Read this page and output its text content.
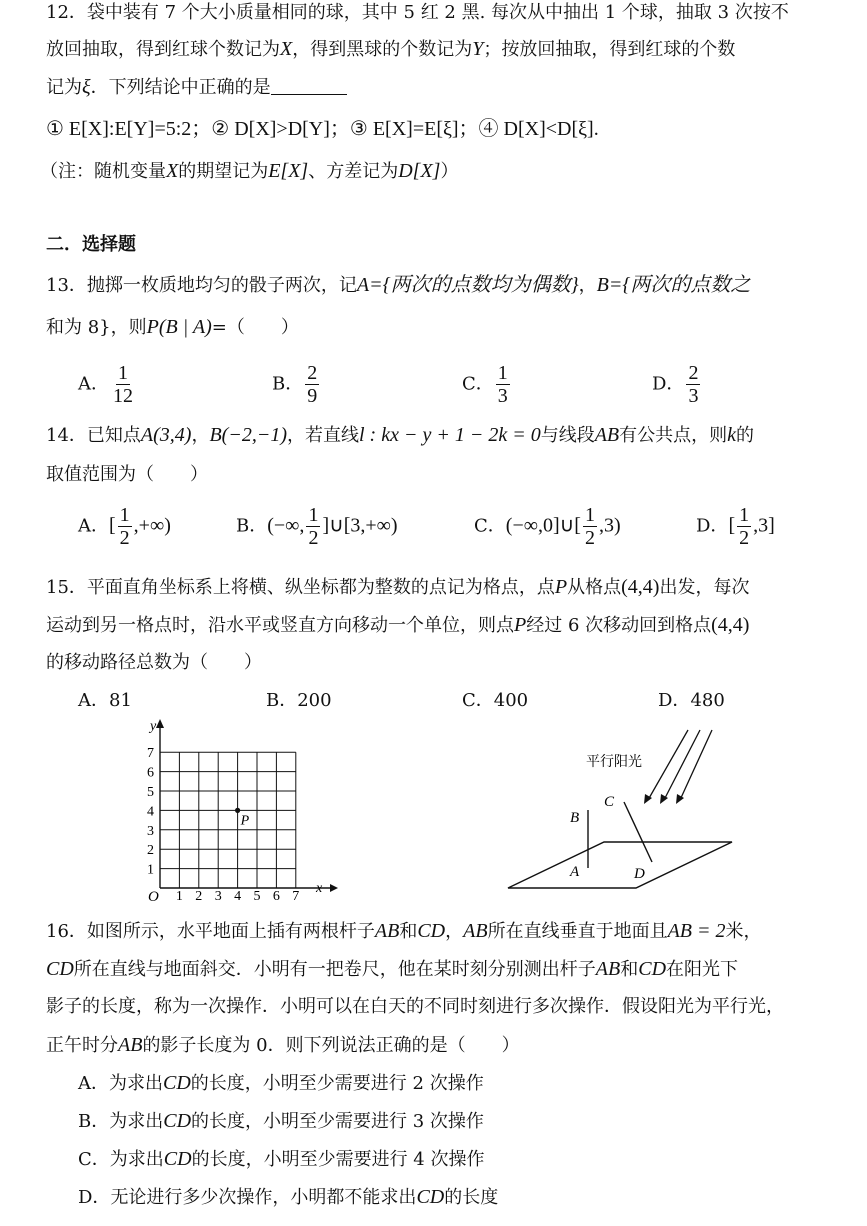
12．袋中装有 7 个大小质量相同的球，其中 5 红 2 黑. 每次从中抽出 1 个球，抽取 3 次按不
放回抽取，得到红球个数记为X，得到黑球的个数记为Y；按放回抽取，得到红球的个数
记为ξ．下列结论中正确的是
① E[X]:E[Y]=5:2；② D[X]>D[Y]；③ E[X]=E[ξ]；④ D[X]<D[ξ].
（注：随机变量X的期望记为E[X]、方差记为D[X]）
二．选择题
13．抛掷一枚质地均匀的骰子两次，记A={两次的点数均为偶数}，B={两次的点数之
和为 8}，则P(B | A)=（　　）
A． $\frac{1}{12}$	B． $\frac{2}{9}$	C． $\frac{1}{3}$	D． $\frac{2}{3}$
14．已知点A(3,4)，B(−2,−1)，若直线l : kx − y + 1 − 2k = 0与线段AB有公共点，则k的
取值范围为（　　）
A．[ $\frac{1}{2}$ ,+∞)	B．(−∞, $\frac{1}{2}$ ]∪[3,+∞)	C．(−∞,0]∪[ $\frac{1}{2} ,3$)	D．[ $\frac{1}{2} ,3$]
15．平面直角坐标系上将横、纵坐标都为整数的点记为格点，点P从格点(4,4)出发，每次
运动到另一格点时，沿水平或竖直方向移动一个单位，则点P经过 6 次移动回到格点(4,4)
的移动路径总数为（　　）
A．81	B．200	C．400	D．480
y
x
O 1 2 3 4 5 6 7
1
2
3
4
5
6
7
P
平行阳光
B
A
C
D
16．如图所示，水平地面上插有两根杆子AB和CD，AB所在直线垂直于地面且AB = 2米，
CD所在直线与地面斜交．小明有一把卷尺，他在某时刻分别测出杆子AB和CD在阳光下
影子的长度，称为一次操作．小明可以在白天的不同时刻进行多次操作．假设阳光为平行光，
正午时分AB的影子长度为 0．则下列说法正确的是（　　）
A．为求出CD的长度，小明至少需要进行 2 次操作
B．为求出CD的长度，小明至少需要进行 3 次操作
C．为求出CD的长度，小明至少需要进行 4 次操作
D．无论进行多少次操作，小明都不能求出CD的长度
